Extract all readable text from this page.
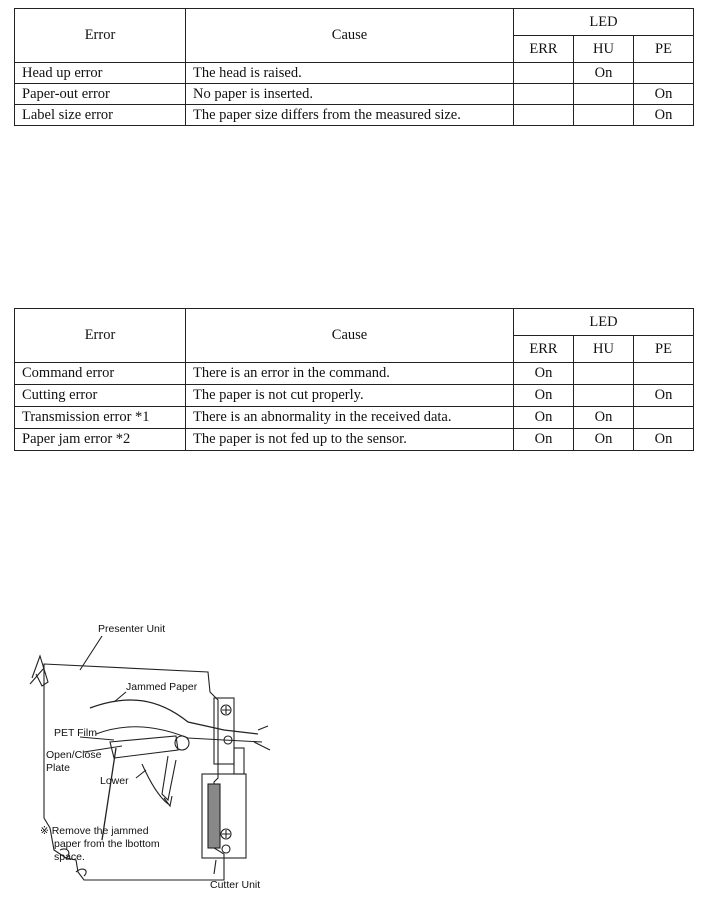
Error	Cause	LED		
		ERR	HU	PE
Head up error	The head is raised.		On	
Paper-out error	No paper is inserted.			On
Label size error	The paper size differs from the measured size.			On
Error	Cause	LED		
		ERR	HU	PE
Command error	There is an error in the command.	On		
Cutting error	The paper is not cut properly.	On		On
Transmission error *1	There is an abnormality in the received data.	On	On	
Paper jam error *2	The paper is not fed up to the sensor.	On	On	On
Presenter Unit
Jammed Paper
PET Film
Open/Close
Plate
Lower
※ Remove the jammed
paper from the lbottom
space.
Cutter Unit
